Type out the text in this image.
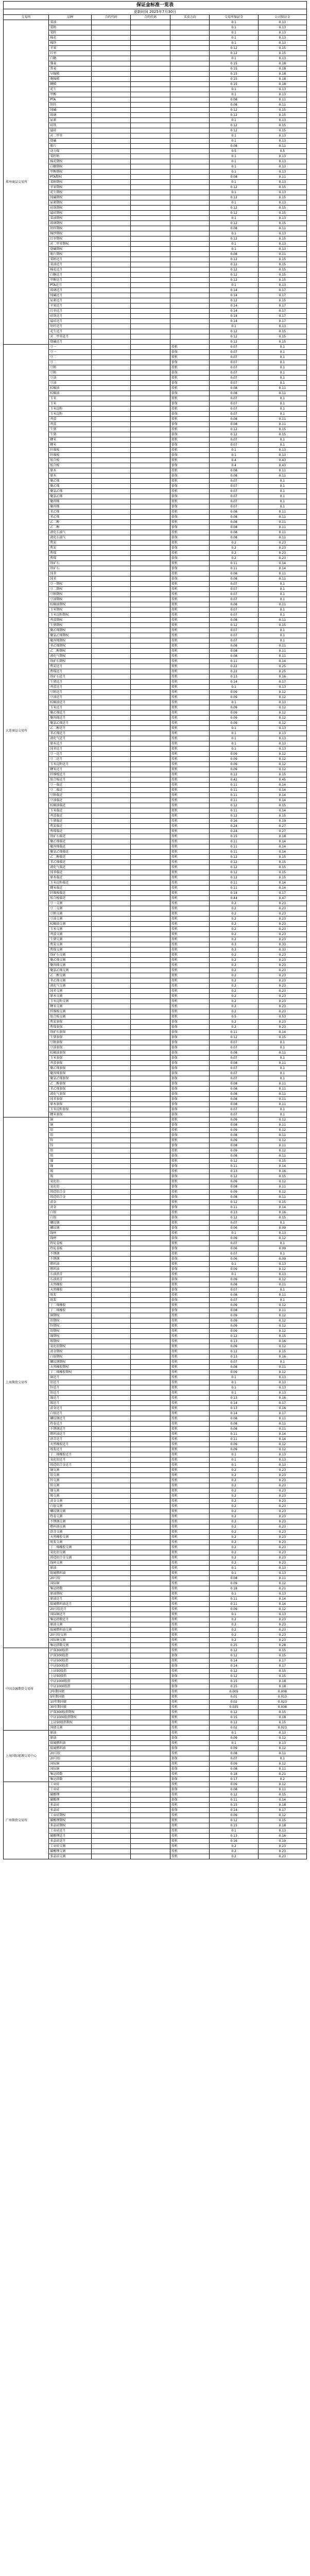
保证金标准一览表
更新时间 2025年7月30日
交易所	品种	合约代码	合约代码	买卖方向	交易所保证金	公司保证金
郑州商品交易所	菜油				0.1	0.13
	菜粕				0.1	0.13
	菜籽				0.1	0.13
	棉花				0.1	0.13
	棉纱				0.1	0.13
	苹果				0.12	0.15
	红枣				0.12	0.15
	白糖				0.1	0.13
	强麦				0.15	0.18
	普麦				0.15	0.18
	早籼稻				0.15	0.18
	晚籼稻				0.15	0.18
	粳稻				0.15	0.18
	花生				0.1	0.13
	甲醇				0.1	0.13
	PTA				0.08	0.11
	短纤				0.08	0.11
	纯碱				0.12	0.15
	玻璃				0.12	0.15
	尿素				0.1	0.13
	硅铁				0.12	0.15
	锰硅				0.12	0.15
	对二甲苯				0.1	0.13
	烧碱				0.1	0.13
	瓶片				0.08	0.11
	动力煤				0.5	0.5
	菜籽粕				0.1	0.13
	棉花期权				0.1	0.13
	白糖期权				0.1	0.13
	甲醇期权				0.1	0.13
	PTA期权				0.08	0.11
	菜粕期权				0.1	0.13
	苹果期权				0.12	0.15
	花生期权				0.1	0.13
	纯碱期权				0.12	0.15
	尿素期权				0.1	0.13
	硅铁期权				0.12	0.15
	锰硅期权				0.12	0.15
	菜油期权				0.1	0.13
	玻璃期权				0.12	0.15
	短纤期权				0.08	0.11
	棉纱期权				0.1	0.13
	红枣期权				0.12	0.15
	对二甲苯期权				0.1	0.13
	烧碱期权				0.1	0.13
	瓶片期权				0.08	0.11
	菜粕近月				0.12	0.15
	菜油近月				0.12	0.15
	棉花近月				0.12	0.15
	白糖近月				0.12	0.15
	甲醇近月				0.12	0.15
	PTA近月				0.1	0.13
	玻璃近月				0.14	0.17
	纯碱近月				0.14	0.17
	尿素近月				0.12	0.15
	苹果近月				0.14	0.17
	红枣近月				0.14	0.17
	硅铁近月				0.14	0.17
	锰硅近月				0.14	0.17
	短纤近月				0.1	0.13
	花生近月				0.12	0.15
	对二甲苯近月				0.12	0.15
	烧碱近月				0.12	0.15
大连商品交易所	豆一			投机	0.07	0.1
	豆一			套保	0.07	0.1
	豆二			投机	0.07	0.1
	豆二			套保	0.07	0.1
	豆粕			投机	0.07	0.1
	豆粕			套保	0.07	0.1
	豆油			投机	0.07	0.1
	豆油			套保	0.07	0.1
	棕榈油			投机	0.08	0.11
	棕榈油			套保	0.08	0.11
	玉米			投机	0.07	0.1
	玉米			套保	0.07	0.1
	玉米淀粉			投机	0.07	0.1
	玉米淀粉			套保	0.07	0.1
	鸡蛋			投机	0.08	0.11
	鸡蛋			套保	0.08	0.11
	生猪			投机	0.12	0.15
	生猪			套保	0.12	0.15
	粳米			投机	0.07	0.1
	粳米			套保	0.07	0.1
	纤维板			投机	0.1	0.13
	纤维板			套保	0.1	0.13
	胶合板			投机	0.4	0.43
	胶合板			套保	0.4	0.43
	原木			投机	0.08	0.11
	原木			套保	0.08	0.11
	聚乙烯			投机	0.07	0.1
	聚乙烯			套保	0.07	0.1
	聚氯乙烯			投机	0.07	0.1
	聚氯乙烯			套保	0.07	0.1
	聚丙烯			投机	0.07	0.1
	聚丙烯			套保	0.07	0.1
	苯乙烯			投机	0.08	0.11
	苯乙烯			套保	0.08	0.11
	乙二醇			投机	0.08	0.11
	乙二醇			套保	0.08	0.11
	液化石油气			投机	0.08	0.11
	液化石油气			套保	0.08	0.11
	焦炭			投机	0.2	0.23
	焦炭			套保	0.2	0.23
	焦煤			投机	0.2	0.23
	焦煤			套保	0.2	0.23
	铁矿石			投机	0.11	0.14
	铁矿石			套保	0.11	0.14
	纯苯			投机	0.08	0.11
	纯苯			套保	0.08	0.11
	豆一期权			投机	0.07	0.1
	豆二期权			投机	0.07	0.1
	豆粕期权			投机	0.07	0.1
	豆油期权			投机	0.07	0.1
	棕榈油期权			投机	0.08	0.11
	玉米期权			投机	0.07	0.1
	玉米淀粉期权			投机	0.07	0.1
	鸡蛋期权			投机	0.08	0.11
	生猪期权			投机	0.12	0.15
	聚乙烯期权			投机	0.07	0.1
	聚氯乙烯期权			投机	0.07	0.1
	聚丙烯期权			投机	0.07	0.1
	苯乙烯期权			投机	0.08	0.11
	乙二醇期权			投机	0.08	0.11
	液化气期权			投机	0.08	0.11
	铁矿石期权			投机	0.11	0.14
	焦炭近月			投机	0.22	0.25
	焦煤近月			投机	0.22	0.25
	铁矿石近月			投机	0.13	0.16
	生猪近月			投机	0.14	0.17
	鸡蛋近月			投机	0.1	0.13
	豆粕近月			投机	0.09	0.12
	豆油近月			投机	0.09	0.12
	棕榈油近月			投机	0.1	0.13
	玉米近月			投机	0.09	0.12
	聚乙烯近月			投机	0.09	0.12
	聚丙烯近月			投机	0.09	0.12
	聚氯乙烯近月			投机	0.09	0.12
	乙二醇近月			投机	0.1	0.13
	苯乙烯近月			投机	0.1	0.13
	液化气近月			投机	0.1	0.13
	原木近月			投机	0.1	0.13
	纯苯近月			投机	0.1	0.13
	豆一近月			投机	0.09	0.12
	豆二近月			投机	0.09	0.12
	玉米淀粉近月			投机	0.09	0.12
	粳米近月			投机	0.09	0.12
	纤维板近月			投机	0.12	0.15
	胶合板近月			投机	0.42	0.45
	豆一临近			投机	0.11	0.14
	豆二临近			投机	0.11	0.14
	豆粕临近			投机	0.11	0.14
	豆油临近			投机	0.11	0.14
	棕榈油临近			投机	0.12	0.15
	玉米临近			投机	0.11	0.14
	鸡蛋临近			投机	0.12	0.15
	生猪临近			投机	0.16	0.19
	焦炭临近			投机	0.24	0.27
	焦煤临近			投机	0.24	0.27
	铁矿石临近			投机	0.15	0.18
	聚乙烯临近			投机	0.11	0.14
	聚丙烯临近			投机	0.11	0.14
	聚氯乙烯临近			投机	0.11	0.14
	乙二醇临近			投机	0.12	0.15
	苯乙烯临近			投机	0.12	0.15
	液化气临近			投机	0.12	0.15
	纯苯临近			投机	0.12	0.15
	原木临近			投机	0.12	0.15
	玉米淀粉临近			投机	0.11	0.14
	粳米临近			投机	0.11	0.14
	纤维板临近			投机	0.14	0.17
	胶合板临近			投机	0.44	0.47
	豆一交割			投机	0.2	0.23
	豆二交割			投机	0.2	0.23
	豆粕交割			投机	0.2	0.23
	豆油交割			投机	0.2	0.23
	棕榈油交割			投机	0.2	0.23
	玉米交割			投机	0.2	0.23
	鸡蛋交割			投机	0.2	0.23
	生猪交割			投机	0.2	0.23
	焦炭交割			投机	0.3	0.33
	焦煤交割			投机	0.3	0.33
	铁矿石交割			投机	0.2	0.23
	聚乙烯交割			投机	0.2	0.23
	聚丙烯交割			投机	0.2	0.23
	聚氯乙烯交割			投机	0.2	0.23
	乙二醇交割			投机	0.2	0.23
	苯乙烯交割			投机	0.2	0.23
	液化气交割			投机	0.2	0.23
	纯苯交割			投机	0.2	0.23
	原木交割			投机	0.2	0.23
	玉米淀粉交割			投机	0.2	0.23
	粳米交割			投机	0.2	0.23
	纤维板交割			投机	0.2	0.23
	胶合板交割			投机	0.5	0.53
	焦炭套保			套保	0.2	0.23
	焦煤套保			套保	0.2	0.23
	铁矿石套保			套保	0.11	0.14
	生猪套保			套保	0.12	0.15
	豆粕套保			套保	0.07	0.1
	豆油套保			套保	0.07	0.1
	棕榈油套保			套保	0.08	0.11
	玉米套保			套保	0.07	0.1
	鸡蛋套保			套保	0.08	0.11
	聚乙烯套保			套保	0.07	0.1
	聚丙烯套保			套保	0.07	0.1
	聚氯乙烯套保			套保	0.07	0.1
	乙二醇套保			套保	0.08	0.11
	苯乙烯套保			套保	0.08	0.11
	液化气套保			套保	0.08	0.11
	纯苯套保			套保	0.08	0.11
	原木套保			套保	0.08	0.11
	玉米淀粉套保			套保	0.07	0.1
	粳米套保			套保	0.07	0.1
上海期货交易所	铜			投机	0.09	0.12
	铜			套保	0.08	0.11
	铝			投机	0.09	0.12
	铝			套保	0.08	0.11
	锌			投机	0.09	0.12
	锌			套保	0.08	0.11
	铅			投机	0.09	0.12
	铅			套保	0.08	0.11
	镍			投机	0.12	0.15
	镍			套保	0.11	0.14
	锡			投机	0.13	0.16
	锡			套保	0.12	0.15
	氧化铝			投机	0.09	0.12
	氧化铝			套保	0.08	0.11
	铸造铝合金			投机	0.09	0.12
	铸造铝合金			套保	0.08	0.11
	黄金			投机	0.12	0.15
	黄金			套保	0.11	0.14
	白银			投机	0.13	0.16
	白银			套保	0.12	0.15
	螺纹钢			投机	0.07	0.1
	螺纹钢			套保	0.06	0.09
	线材			投机	0.1	0.13
	线材			套保	0.09	0.12
	热轧卷板			投机	0.07	0.1
	热轧卷板			套保	0.06	0.09
	不锈钢			投机	0.07	0.1
	不锈钢			套保	0.06	0.09
	燃料油			投机	0.1	0.13
	燃料油			套保	0.09	0.12
	石油沥青			投机	0.1	0.13
	石油沥青			套保	0.09	0.12
	天然橡胶			投机	0.08	0.11
	天然橡胶			套保	0.07	0.1
	纸浆			投机	0.08	0.11
	纸浆			套保	0.07	0.1
	丁二烯橡胶			投机	0.09	0.12
	丁二烯橡胶			套保	0.08	0.11
	铜期权			投机	0.09	0.12
	铝期权			投机	0.09	0.12
	锌期权			投机	0.09	0.12
	铅期权			投机	0.09	0.12
	镍期权			投机	0.12	0.15
	锡期权			投机	0.13	0.16
	氧化铝期权			投机	0.09	0.12
	黄金期权			投机	0.12	0.15
	白银期权			投机	0.13	0.16
	螺纹钢期权			投机	0.07	0.1
	天然橡胶期权			投机	0.08	0.11
	丁二烯橡胶期权			投机	0.09	0.12
	铜近月			投机	0.1	0.13
	铝近月			投机	0.1	0.13
	锌近月			投机	0.1	0.13
	铅近月			投机	0.1	0.13
	镍近月			投机	0.13	0.16
	锡近月			投机	0.14	0.17
	黄金近月			投机	0.13	0.16
	白银近月			投机	0.14	0.17
	螺纹钢近月			投机	0.08	0.11
	热卷近月			投机	0.08	0.11
	不锈钢近月			投机	0.08	0.11
	燃料油近月			投机	0.11	0.14
	沥青近月			投机	0.11	0.14
	天然橡胶近月			投机	0.09	0.12
	纸浆近月			投机	0.09	0.12
	丁二烯橡胶近月			投机	0.1	0.13
	氧化铝近月			投机	0.1	0.13
	铸造铝合金近月			投机	0.1	0.13
	铜交割			投机	0.2	0.23
	铝交割			投机	0.2	0.23
	锌交割			投机	0.2	0.23
	铅交割			投机	0.2	0.23
	镍交割			投机	0.2	0.23
	锡交割			投机	0.2	0.23
	黄金交割			投机	0.2	0.23
	白银交割			投机	0.2	0.23
	螺纹钢交割			投机	0.2	0.23
	热卷交割			投机	0.2	0.23
	不锈钢交割			投机	0.2	0.23
	燃料油交割			投机	0.2	0.23
	沥青交割			投机	0.2	0.23
	天然橡胶交割			投机	0.2	0.23
	纸浆交割			投机	0.2	0.23
	丁二烯橡胶交割			投机	0.2	0.23
	氧化铝交割			投机	0.2	0.23
	铸造铝合金交割			投机	0.2	0.23
	线材交割			投机	0.2	0.23
	原油			投机	0.1	0.13
	低硫燃料油			投机	0.1	0.13
	20号胶			投机	0.08	0.11
	国际铜			投机	0.09	0.12
	集运指数			投机	0.18	0.21
	原油期权			投机	0.1	0.13
	原油近月			投机	0.11	0.14
	低硫燃料油近月			投机	0.11	0.14
	20号胶近月			投机	0.09	0.12
	国际铜近月			投机	0.1	0.13
	集运指数近月			投机	0.2	0.23
	原油交割			投机	0.2	0.23
	低硫燃料油交割			投机	0.2	0.23
	20号胶交割			投机	0.2	0.23
	国际铜交割			投机	0.2	0.23
	集运指数交割			投机	0.25	0.28
中国金融期货交易所	沪深300股指			投机	0.12	0.15
	沪深300股指			套保	0.12	0.15
	中证500股指			投机	0.14	0.17
	中证500股指			套保	0.14	0.17
	上证50股指			投机	0.12	0.15
	上证50股指			套保	0.12	0.15
	中证1000股指			投机	0.15	0.18
	中证1000股指			套保	0.15	0.18
	2年期国债			投机	0.005	0.008
	5年期国债			投机	0.01	0.013
	10年期国债			投机	0.02	0.023
	30年期国债			投机	0.035	0.038
	沪深300股指期权			投机	0.12	0.15
	中证1000股指期权			投机	0.15	0.18
	上证50股指期权			投机	0.12	0.15
	国债交割			投机	0.02	0.023
上海国际能源交易中心	原油			投机	0.1	0.13
	原油			套保	0.09	0.12
	低硫燃料油			投机	0.1	0.13
	低硫燃料油			套保	0.09	0.12
	20号胶			投机	0.08	0.11
	20号胶			套保	0.07	0.1
	国际铜			投机	0.09	0.12
	国际铜			套保	0.08	0.11
	集运指数			投机	0.18	0.21
	集运指数			套保	0.17	0.2
广州期货交易所	工业硅			投机	0.09	0.12
	工业硅			套保	0.08	0.11
	碳酸锂			投机	0.12	0.15
	碳酸锂			套保	0.11	0.14
	多晶硅			投机	0.15	0.18
	多晶硅			套保	0.14	0.17
	工业硅期权			投机	0.09	0.12
	碳酸锂期权			投机	0.12	0.15
	多晶硅期权			投机	0.15	0.18
	工业硅近月			投机	0.1	0.13
	碳酸锂近月			投机	0.13	0.16
	多晶硅近月			投机	0.16	0.19
	工业硅交割			投机	0.2	0.23
	碳酸锂交割			投机	0.2	0.23
	多晶硅交割			投机	0.2	0.23
